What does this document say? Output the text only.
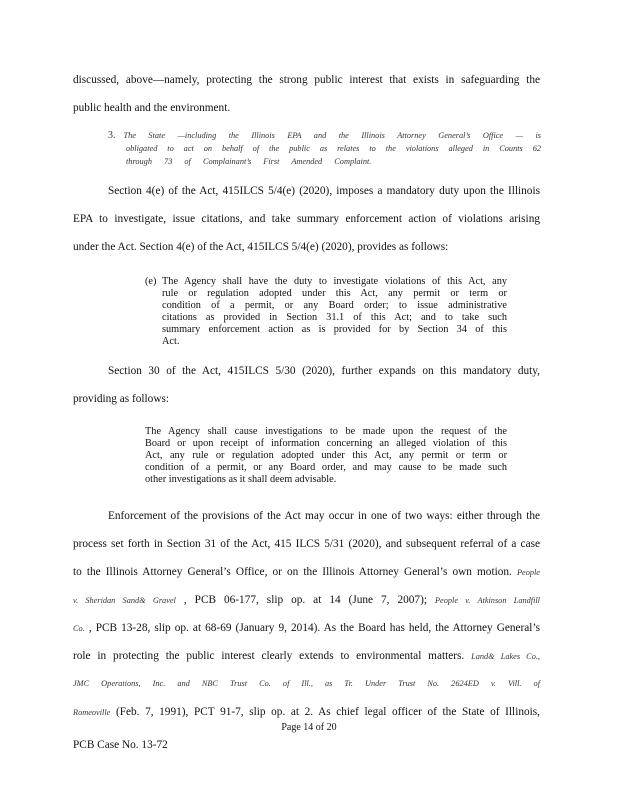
discussed, above—namely, protecting the strong public interest that exists in safeguarding the
public health and the environment.
3. The State —including the Illinois EPA and the Illinois Attorney General’s Office — is
obligated to act on behalf of the public as relates to the violations alleged in Counts 62
through 73 of Complainant’s First Amended Complaint.
Section 4(e) of the Act, 415ILCS 5/4(e) (2020), imposes a mandatory duty upon the Illinois
EPA to investigate, issue citations, and take summary enforcement action of violations arising
under the Act. Section 4(e) of the Act, 415ILCS 5/4(e) (2020), provides as follows:
(e) The Agency shall have the duty to investigate violations of this Act, any
rule or regulation adopted under this Act, any permit or term or
condition of a permit, or any Board order; to issue administrative
citations as provided in Section 31.1 of this Act; and to take such
summary enforcement action as is provided for by Section 34 of this
Act.
Section 30 of the Act, 415ILCS 5/30 (2020), further expands on this mandatory duty,
providing as follows:
The Agency shall cause investigations to be made upon the request of the
Board or upon receipt of information concerning an alleged violation of this
Act, any rule or regulation adopted under this Act, any permit or term or
condition of a permit, or any Board order, and may cause to be made such
other investigations as it shall deem advisable.
Enforcement of the provisions of the Act may occur in one of two ways: either through the
process set forth in Section 31 of the Act, 415 ILCS 5/31 (2020), and subsequent referral of a case
to the Illinois Attorney General’s Office, or on the Illinois Attorney General’s own motion. People
v. Sheridan Sand& Gravel , PCB 06-177, slip op. at 14 (June 7, 2007); People v. Atkinson Landfill
Co. , PCB 13-28, slip op. at 68-69 (January 9, 2014). As the Board has held, the Attorney General’s
role in protecting the public interest clearly extends to environmental matters. Land& Lakes Co.,
JMC Operations, Inc. and NBC Trust Co. of Ill., as Tr. Under Trust No. 2624ED v. Vill. of
Romeoville (Feb. 7, 1991), PCT 91-7, slip op. at 2. As chief legal officer of the State of Illinois,
Page 14 of 20
PCB Case No. 13-72
